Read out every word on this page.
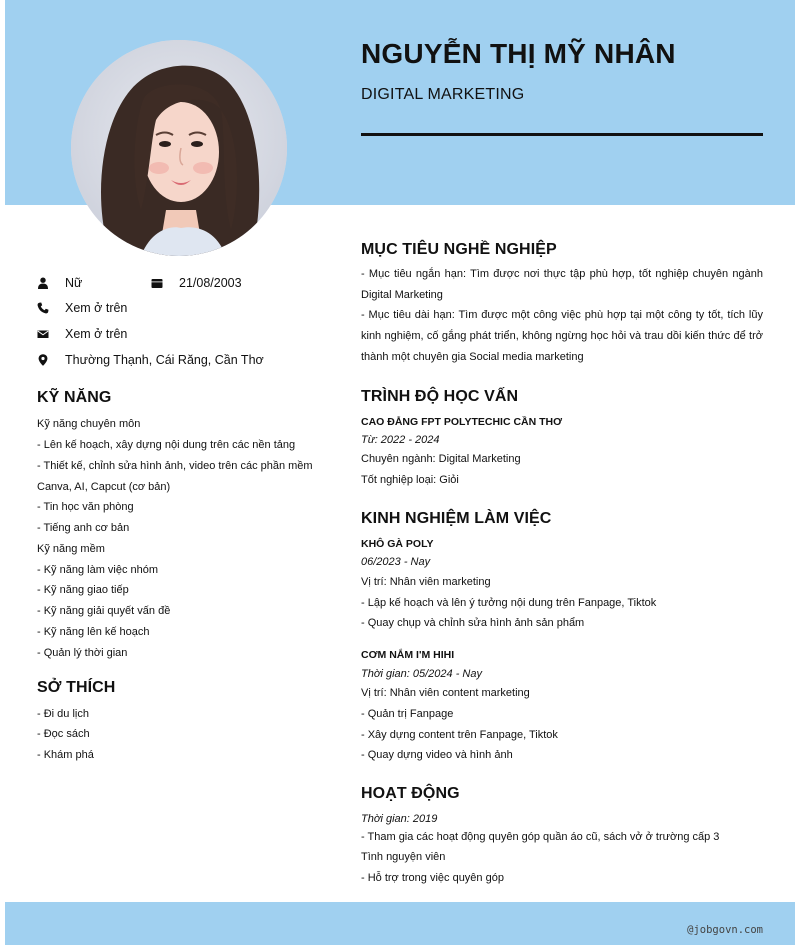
NGUYỄN THỊ MỸ NHÂN
DIGITAL MARKETING
Nữ	21/08/2003
Xem ở trên
Xem ở trên
Thường Thạnh, Cái Răng, Cần Thơ
KỸ NĂNG
Kỹ năng chuyên môn
- Lên kế hoạch, xây dựng nội dung trên các nền tảng
- Thiết kế, chỉnh sửa hình ảnh, video trên các phần mềm
Canva, AI, Capcut (cơ bản)
- Tin học văn phòng
- Tiếng anh cơ bản
Kỹ năng mềm
- Kỹ năng làm việc nhóm
- Kỹ năng giao tiếp
- Kỹ năng giải quyết vấn đề
- Kỹ năng lên kế hoạch
- Quản lý thời gian
SỞ THÍCH
- Đi du lịch
- Đọc sách
- Khám phá
MỤC TIÊU NGHỀ NGHIỆP
- Mục tiêu ngắn hạn: Tìm được nơi thực tập phù hợp, tốt nghiệp chuyên ngành Digital Marketing
- Mục tiêu dài hạn: Tìm được một công việc phù hợp tại một công ty tốt, tích lũy kinh nghiệm, cố gắng phát triển, không ngừng học hỏi và trau dồi kiến thức để trở thành một chuyên gia Social media marketing
TRÌNH ĐỘ HỌC VẤN
CAO ĐẲNG FPT POLYTECHIC CẦN THƠ
Từ: 2022 - 2024
Chuyên ngành: Digital Marketing
Tốt nghiệp loại: Giỏi
KINH NGHIỆM LÀM VIỆC
KHÔ GÀ POLY
06/2023 - Nay
Vị trí: Nhân viên marketing
- Lập kế hoạch và lên ý tưởng nội dung trên Fanpage, Tiktok
- Quay chụp và chỉnh sửa hình ảnh sản phẩm
CƠM NẮM I'M HIHI
Thời gian: 05/2024 - Nay
Vị trí: Nhân viên content marketing
- Quản trị Fanpage
- Xây dựng content trên Fanpage, Tiktok
- Quay dựng video và hình ảnh
HOẠT ĐỘNG
Thời gian: 2019
- Tham gia các hoạt động quyên góp quần áo cũ, sách vở ở trường cấp 3
Tình nguyện viên
- Hỗ trợ trong việc quyên góp
@jobgovn.com
